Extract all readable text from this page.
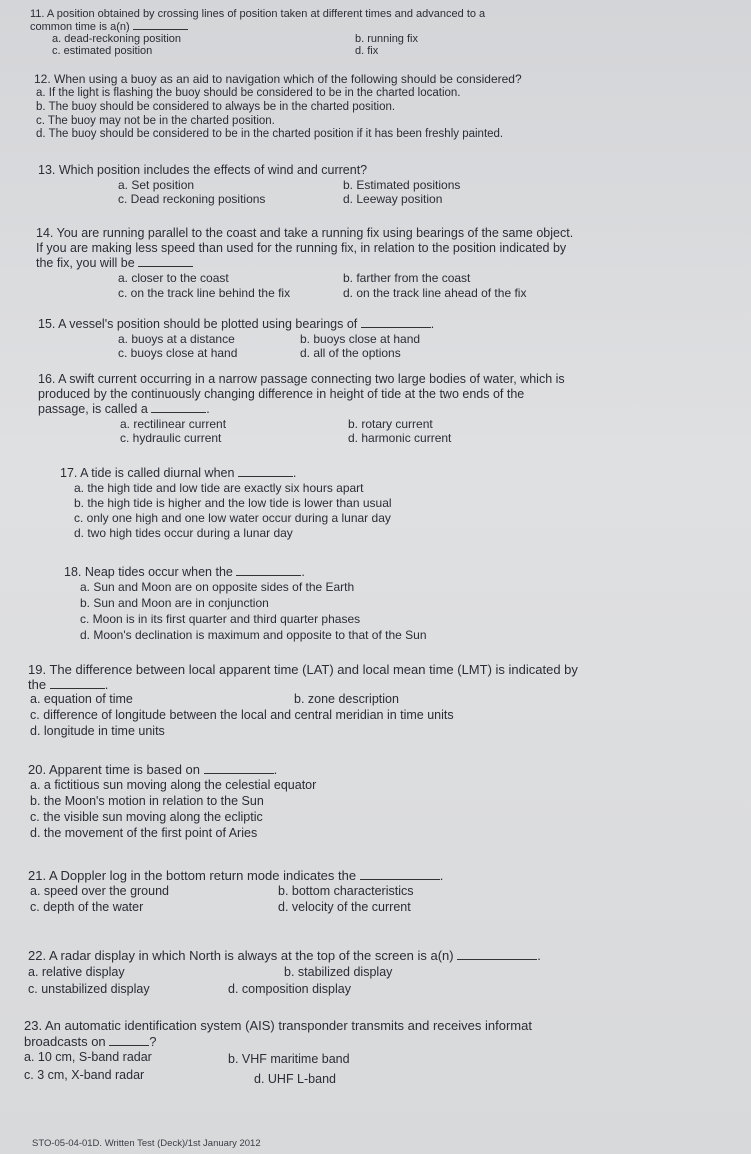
11. A position obtained by crossing lines of position taken at different times and advanced to a
common time is a(n)
a. dead-reckoning position	b. running fix
c. estimated position	d. fix
12. When using a buoy as an aid to navigation which of the following should be considered?
a. If the light is flashing the buoy should be considered to be in the charted location.
b. The buoy should be considered to always be in the charted position.
c. The buoy may not be in the charted position.
d. The buoy should be considered to be in the charted position if it has been freshly painted.
13. Which position includes the effects of wind and current?
a. Set position	b. Estimated positions
c. Dead reckoning positions	d. Leeway position
14. You are running parallel to the coast and take a running fix using bearings of the same object.
If you are making less speed than used for the running fix, in relation to the position indicated by
the fix, you will be
a. closer to the coast	b. farther from the coast
c. on the track line behind the fix	d. on the track line ahead of the fix
15. A vessel's position should be plotted using bearings of	.
a. buoys at a distance	b. buoys close at hand
c. buoys close at hand	d. all of the options
16. A swift current occurring in a narrow passage connecting two large bodies of water, which is
produced by the continuously changing difference in height of tide at the two ends of the
passage, is called a	.
a. rectilinear current	b. rotary current
c. hydraulic current	d. harmonic current
17. A tide is called diurnal when	.
a. the high tide and low tide are exactly six hours apart
b. the high tide is higher and the low tide is lower than usual
c. only one high and one low water occur during a lunar day
d. two high tides occur during a lunar day
18. Neap tides occur when the	.
a. Sun and Moon are on opposite sides of the Earth
b. Sun and Moon are in conjunction
c. Moon is in its first quarter and third quarter phases
d. Moon's declination is maximum and opposite to that of the Sun
19. The difference between local apparent time (LAT) and local mean time (LMT) is indicated by
the	.
a. equation of time	b. zone description
c. difference of longitude between the local and central meridian in time units
d. longitude in time units
20. Apparent time is based on	.
a. a fictitious sun moving along the celestial equator
b. the Moon's motion in relation to the Sun
c. the visible sun moving along the ecliptic
d. the movement of the first point of Aries
21. A Doppler log in the bottom return mode indicates the	.
a. speed over the ground	b. bottom characteristics
c. depth of the water	d. velocity of the current
22. A radar display in which North is always at the top of the screen is a(n)	.
a. relative display	b. stabilized display
c. unstabilized display	d. composition display
23. An automatic identification system (AIS) transponder transmits and receives informat
broadcasts on	?
a. 10 cm, S-band radar	b. VHF maritime band
c. 3 cm, X-band radar	d. UHF L-band
STO-05-04-01D. Written Test (Deck)/1st January 2012
